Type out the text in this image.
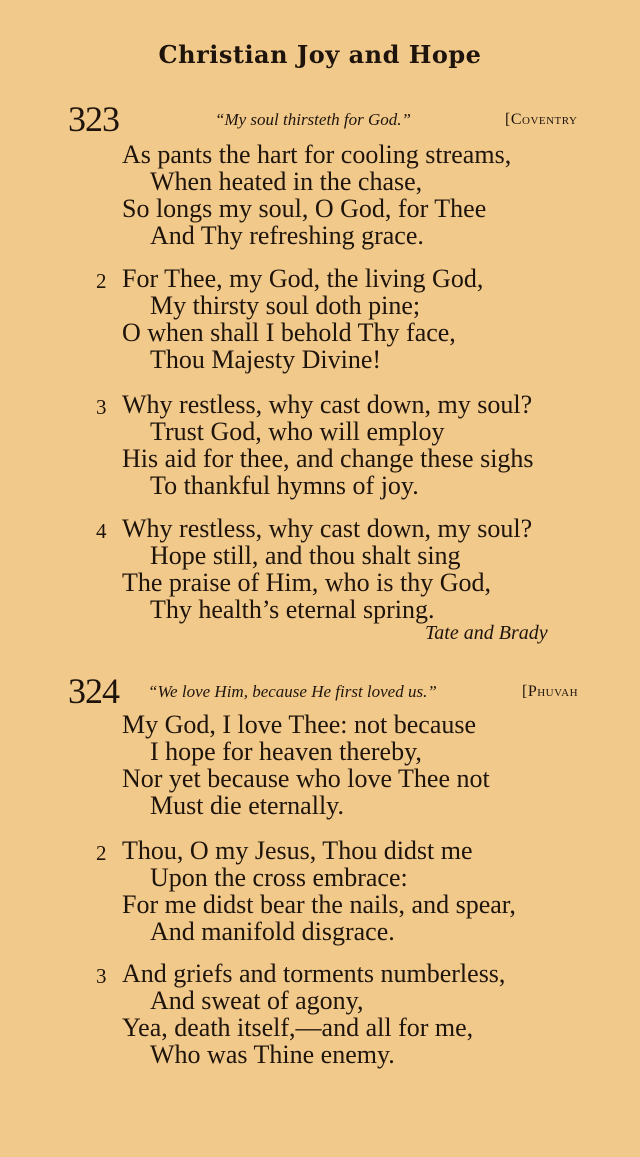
Christian Joy and Hope
323	“My soul thirsteth for God.”	[Coventry
As pants the hart for cooling streams,
When heated in the chase,
So longs my soul, O God, for Thee
And Thy refreshing grace.
2 For Thee, my God, the living God,
My thirsty soul doth pine;
O when shall I behold Thy face,
Thou Majesty Divine!
3 Why restless, why cast down, my soul?
Trust God, who will employ
His aid for thee, and change these sighs
To thankful hymns of joy.
4 Why restless, why cast down, my soul?
Hope still, and thou shalt sing
The praise of Him, who is thy God,
Thy health’s eternal spring.
Tate and Brady
324 “We love Him, because He first loved us.”	[Phuvah
My God, I love Thee: not because
I hope for heaven thereby,
Nor yet because who love Thee not
Must die eternally.
2 Thou, O my Jesus, Thou didst me
Upon the cross embrace:
For me didst bear the nails, and spear,
And manifold disgrace.
3 And griefs and torments numberless,
And sweat of agony,
Yea, death itself,—and all for me,
Who was Thine enemy.
